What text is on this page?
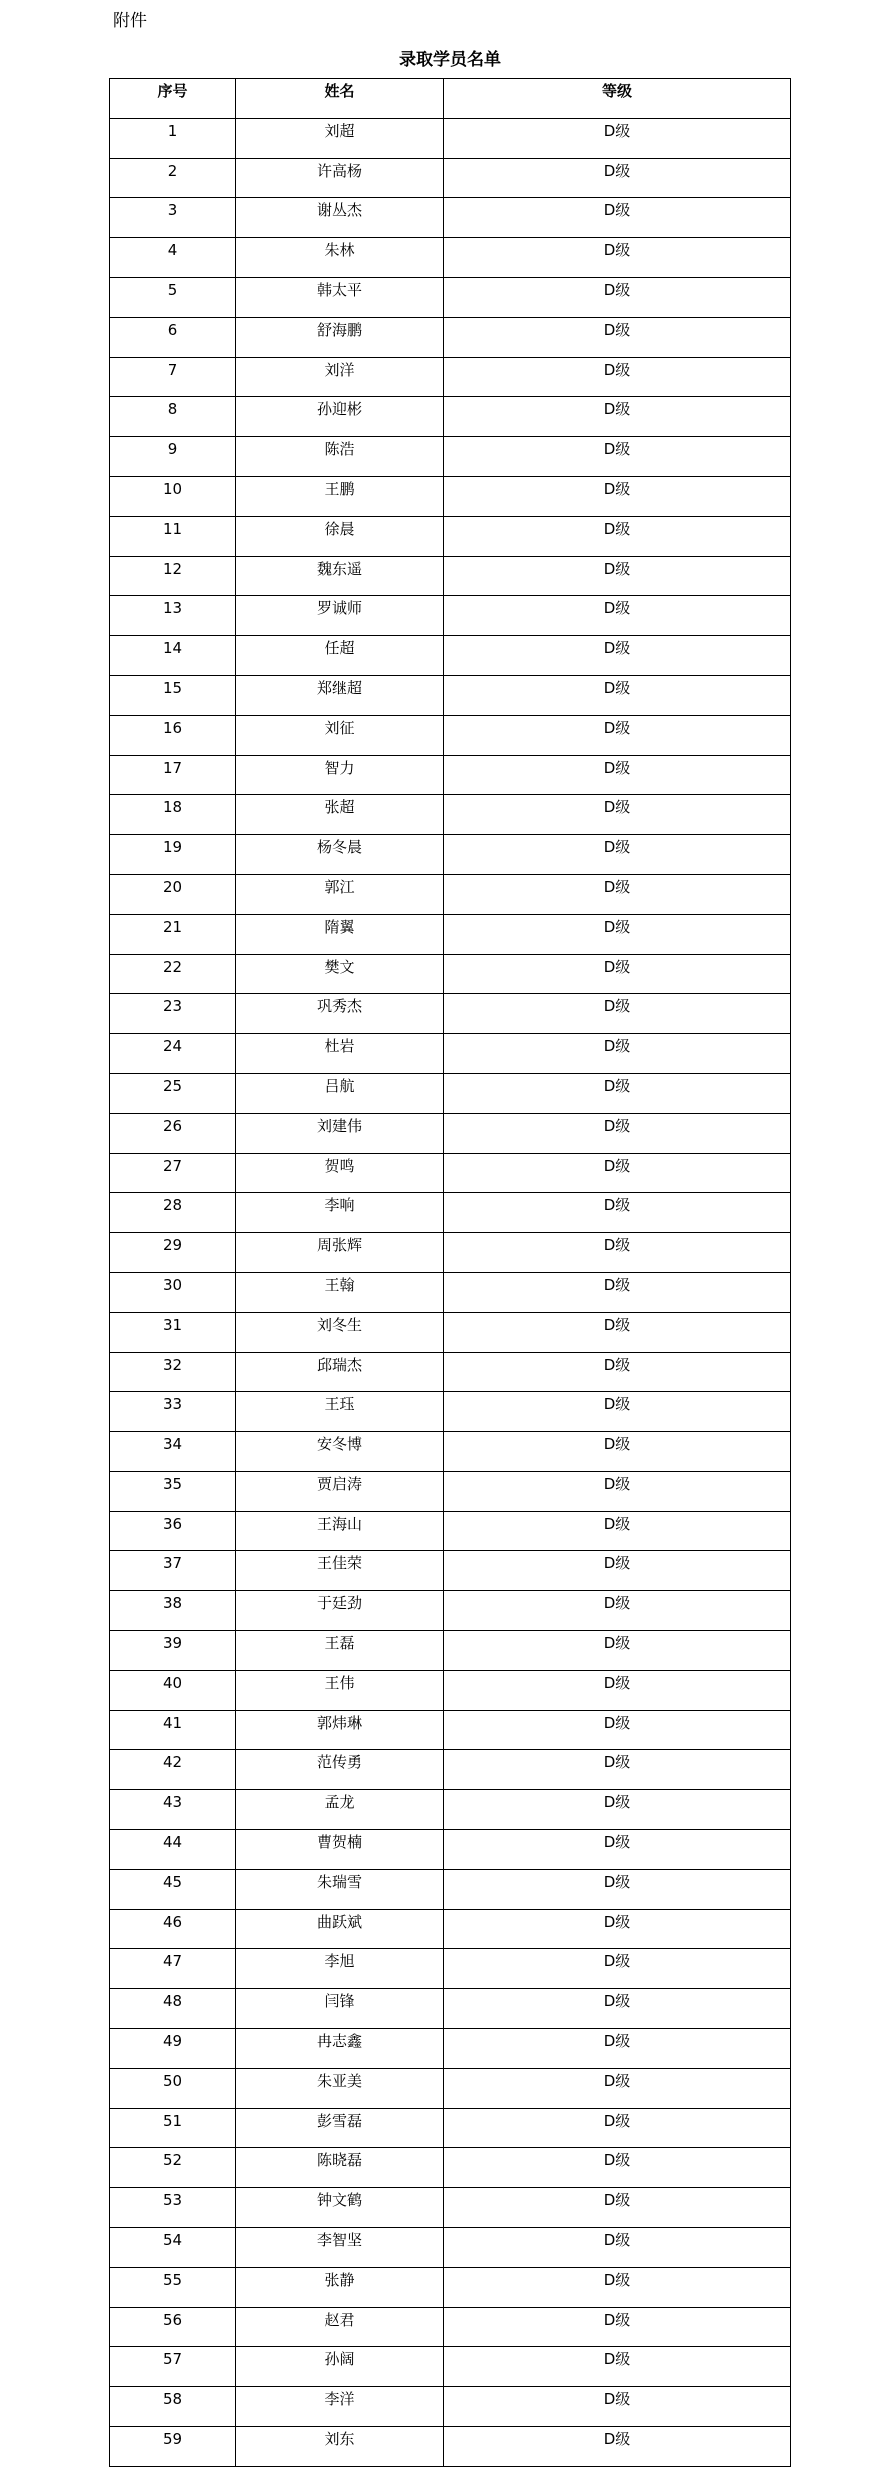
附件
录取学员名单
序号	姓名	等级
1	刘超	D级
2	许高杨	D级
3	谢丛杰	D级
4	朱林	D级
5	韩太平	D级
6	舒海鹏	D级
7	刘洋	D级
8	孙迎彬	D级
9	陈浩	D级
10	王鹏	D级
11	徐晨	D级
12	魏东遥	D级
13	罗诚师	D级
14	任超	D级
15	郑继超	D级
16	刘征	D级
17	智力	D级
18	张超	D级
19	杨冬晨	D级
20	郭江	D级
21	隋翼	D级
22	樊文	D级
23	巩秀杰	D级
24	杜岩	D级
25	吕航	D级
26	刘建伟	D级
27	贺鸣	D级
28	李响	D级
29	周张辉	D级
30	王翰	D级
31	刘冬生	D级
32	邱瑞杰	D级
33	王珏	D级
34	安冬博	D级
35	贾启涛	D级
36	王海山	D级
37	王佳荣	D级
38	于廷劲	D级
39	王磊	D级
40	王伟	D级
41	郭炜琳	D级
42	范传勇	D级
43	孟龙	D级
44	曹贺楠	D级
45	朱瑞雪	D级
46	曲跃斌	D级
47	李旭	D级
48	闫锋	D级
49	冉志鑫	D级
50	朱亚美	D级
51	彭雪磊	D级
52	陈晓磊	D级
53	钟文鹤	D级
54	李智坚	D级
55	张静	D级
56	赵君	D级
57	孙阔	D级
58	李洋	D级
59	刘东	D级
